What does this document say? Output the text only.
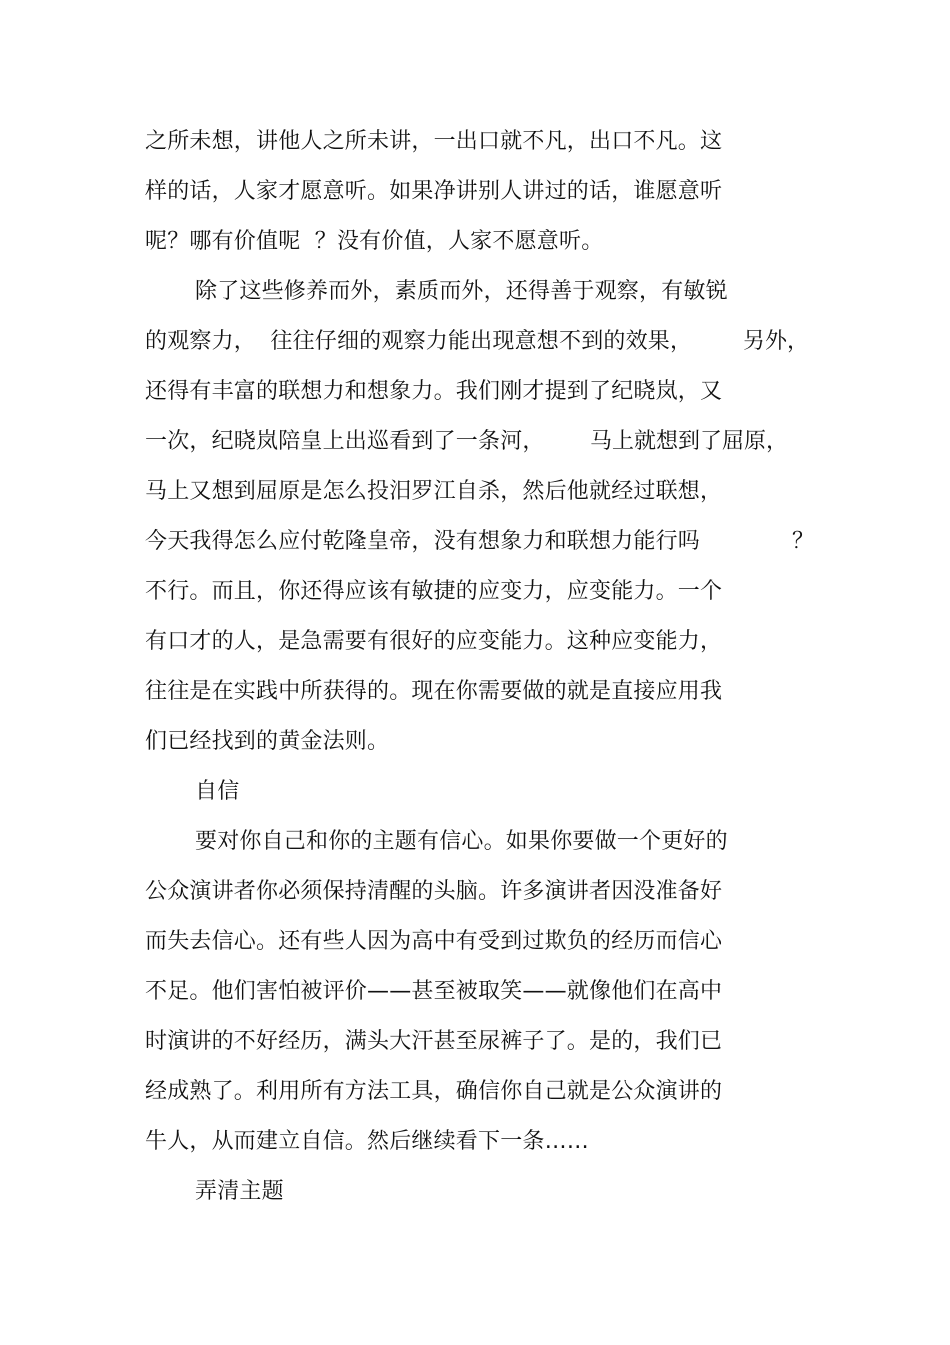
之所未想，讲他人之所未讲，一出口就不凡，出口不凡。这
样的话，人家才愿意听。如果净讲别人讲过的话，谁愿意听
呢？哪有价值呢  ？没有价值，人家不愿意听。
除了这些修养而外，素质而外，还得善于观察，有敏锐
的观察力，  往往仔细的观察力能出现意想不到的效果， 另外，
还得有丰富的联想力和想象力。我们刚才提到了纪晓岚，又
一次，纪晓岚陪皇上出巡看到了一条河， 马上就想到了屈原，
马上又想到屈原是怎么投汨罗江自杀，然后他就经过联想，
今天我得怎么应付乾隆皇帝，没有想象力和联想力能行吗	？
不行。而且，你还得应该有敏捷的应变力，应变能力。一个
有口才的人，是急需要有很好的应变能力。这种应变能力，
往往是在实践中所获得的。现在你需要做的就是直接应用我
们已经找到的黄金法则。
自信
要对你自己和你的主题有信心。如果你要做一个更好的
公众演讲者你必须保持清醒的头脑。许多演讲者因没准备好
而失去信心。还有些人因为高中有受到过欺负的经历而信心
不足。他们害怕被评价——甚至被取笑——就像他们在高中
时演讲的不好经历，满头大汗甚至尿裤子了。是的，我们已
经成熟了。利用所有方法工具，确信你自己就是公众演讲的
牛人，从而建立自信。然后继续看下一条……
弄清主题
